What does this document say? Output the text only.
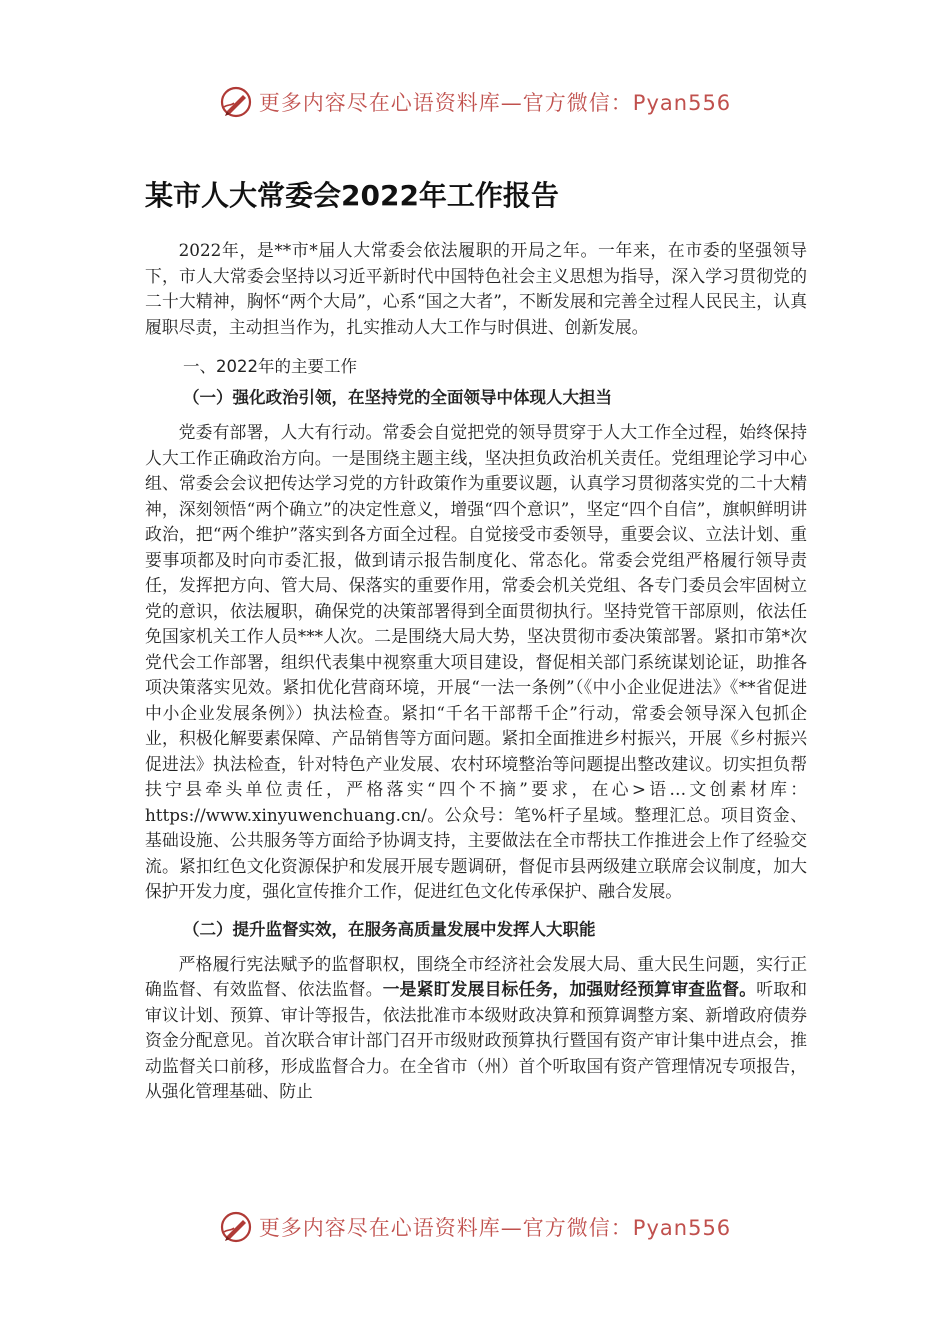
更多内容尽在心语资料库—官方微信：Pyan556
某市人大常委会2022年工作报告

2022年，是**市*届人大常委会依法履职的开局之年。一年来，在市委的坚强领导下，市人大常委会坚持以习近平新时代中国特色社会主义思想为指导，深入学习贯彻党的二十大精神，胸怀“两个大局”，心系“国之大者”，不断发展和完善全过程人民民主，认真履职尽责，主动担当作为，扎实推动人大工作与时俱进、创新发展。

一、2022年的主要工作
（一）强化政治引领，在坚持党的全面领导中体现人大担当

党委有部署，人大有行动。常委会自觉把党的领导贯穿于人大工作全过程，始终保持人大工作正确政治方向。一是围绕主题主线，坚决担负政治机关责任。党组理论学习中心组、常委会会议把传达学习党的方针政策作为重要议题，认真学习贯彻落实党的二十大精神，深刻领悟“两个确立”的决定性意义，增强“四个意识”，坚定“四个自信”，旗帜鲜明讲政治，把“两个维护”落实到各方面全过程。自觉接受市委领导，重要会议、立法计划、重要事项都及时向市委汇报，做到请示报告制度化、常态化。常委会党组严格履行领导责任，发挥把方向、管大局、保落实的重要作用，常委会机关党组、各专门委员会牢固树立党的意识，依法履职，确保党的决策部署得到全面贯彻执行。坚持党管干部原则，依法任免国家机关工作人员***人次。二是围绕大局大势，坚决贯彻市委决策部署。紧扣市第*次党代会工作部署，组织代表集中视察重大项目建设，督促相关部门系统谋划论证，助推各项决策落实见效。紧扣优化营商环境，开展“一法一条例”（《中小企业促进法》《**省促进中小企业发展条例》）执法检查。紧扣“千名干部帮千企”行动，常委会领导深入包抓企业，积极化解要素保障、产品销售等方面问题。紧扣全面推进乡村振兴，开展《乡村振兴促进法》执法检查，针对特色产业发展、农村环境整治等问题提出整改建议。切实担负帮扶宁县牵头单位责任，严格落实“四个不摘”要求，在心>语…文创素材库：https://www.xinyuwenchuang.cn/。公众号：笔%杆子星域。整理汇总。项目资金、基础设施、公共服务等方面给予协调支持，主要做法在全市帮扶工作推进会上作了经验交流。紧扣红色文化资源保护和发展开展专题调研，督促市县两级建立联席会议制度，加大保护开发力度，强化宣传推介工作，促进红色文化传承保护、融合发展。

（二）提升监督实效，在服务高质量发展中发挥人大职能

严格履行宪法赋予的监督职权，围绕全市经济社会发展大局、重大民生问题，实行正确监督、有效监督、依法监督。一是紧盯发展目标任务，加强财经预算审查监督。听取和审议计划、预算、审计等报告，依法批准市本级财政决算和预算调整方案、新增政府债券资金分配意见。首次联合审计部门召开市级财政预算执行暨国有资产审计集中进点会，推动监督关口前移，形成监督合力。在全省市（州）首个听取国有资产管理情况专项报告，从强化管理基础、防止

更多内容尽在心语资料库—官方微信：Pyan556
